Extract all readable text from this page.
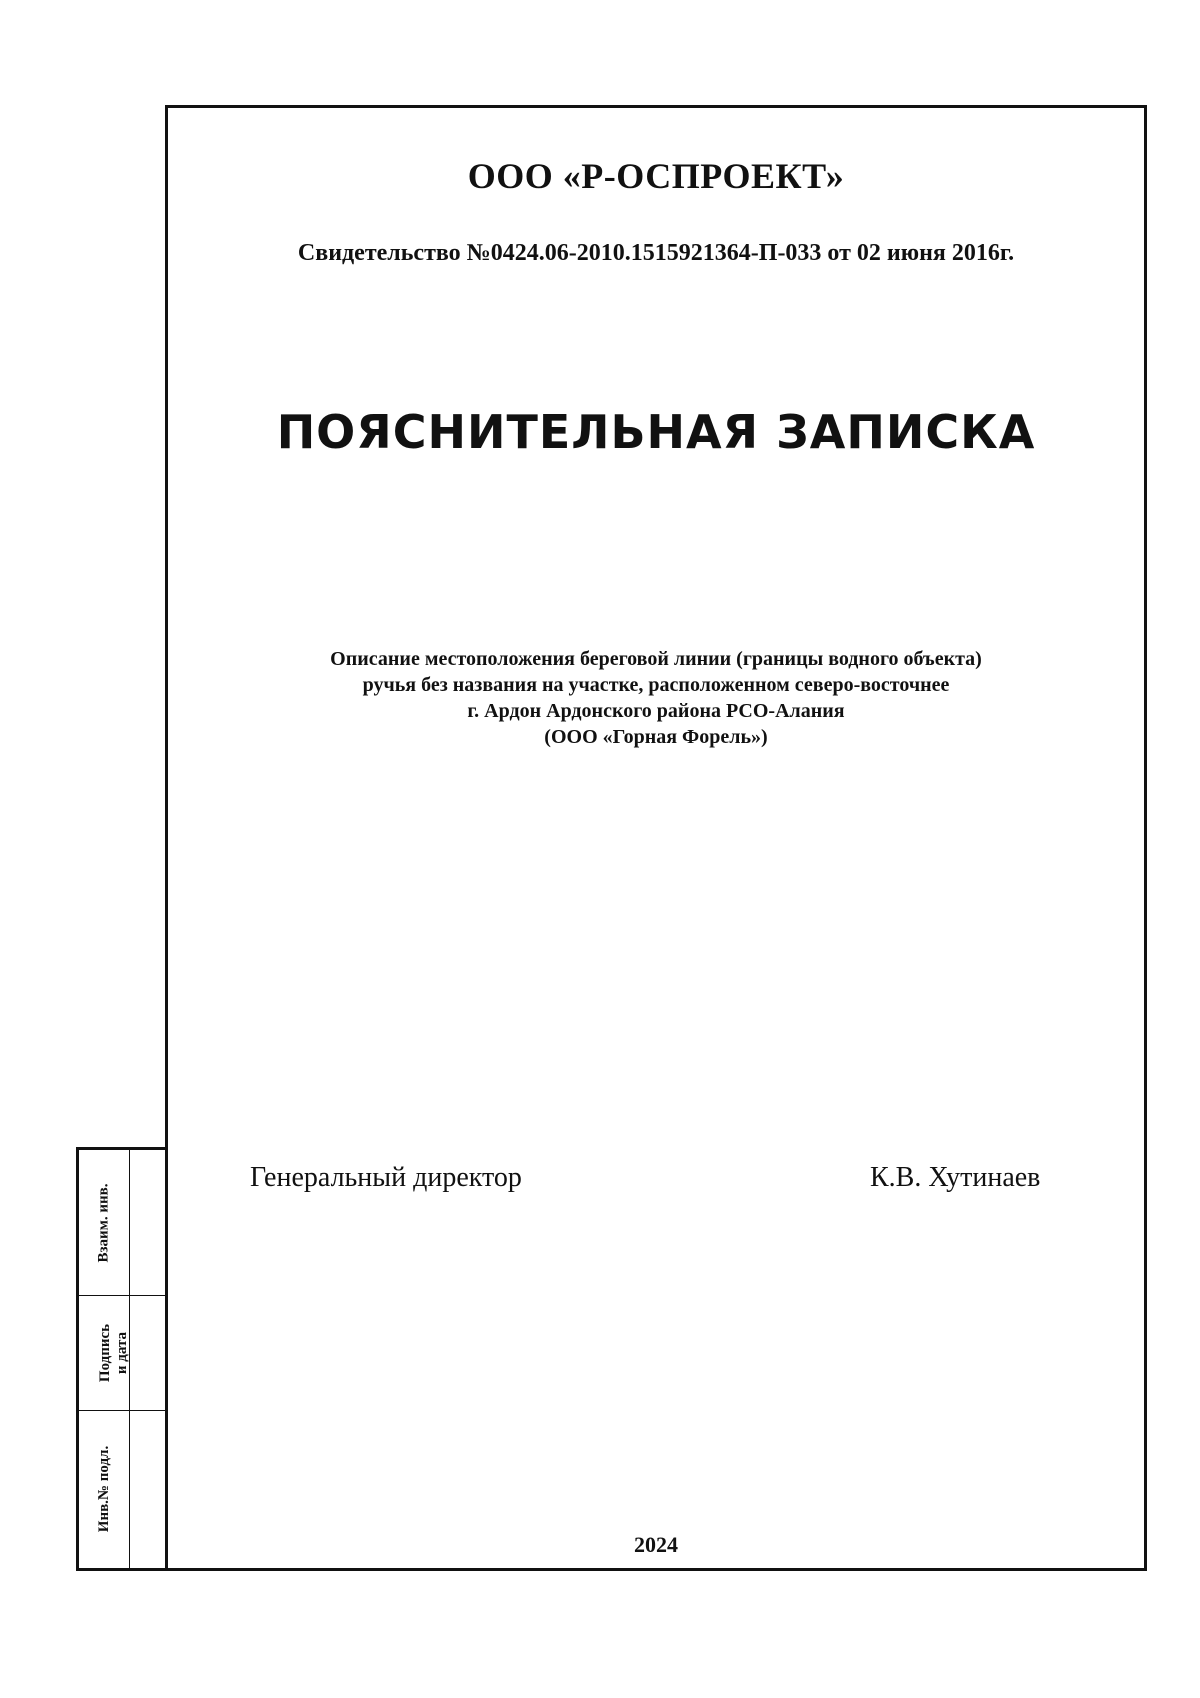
Взаим. инв.
Подпись и дата
Инв.№ подл.
ООО «Р-ОСПРОЕКТ»
Свидетельство №0424.06-2010.1515921364-П-033 от 02 июня 2016г.
ПОЯСНИТЕЛЬНАЯ ЗАПИСКА
Описание местоположения береговой линии (границы водного объекта)
ручья без названия на участке, расположенном северо-восточнее
г. Ардон Ардонского района РСО-Алания
(ООО «Горная Форель»)
Генеральный директор	К.В. Хутинаев
2024
